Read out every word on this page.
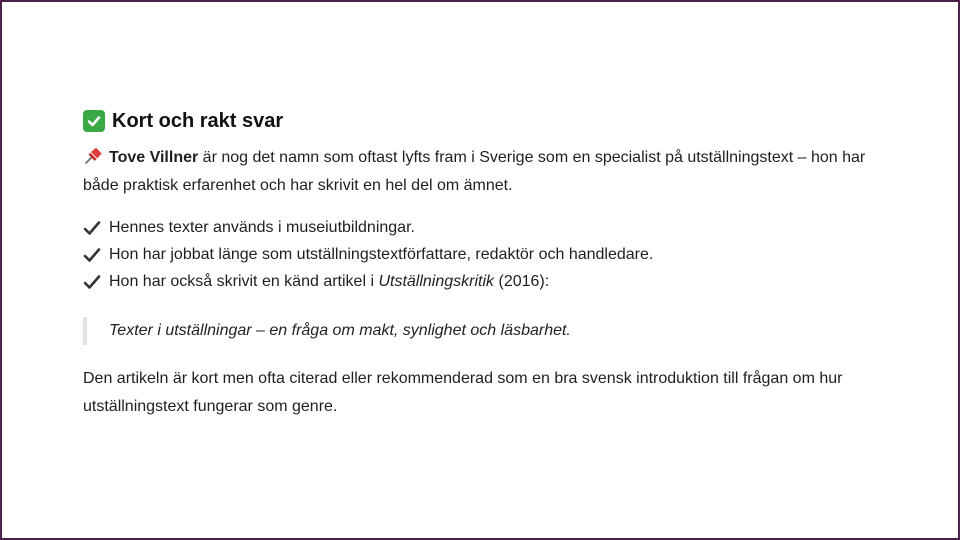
Kort och rakt svar

Tove Villner är nog det namn som oftast lyfts fram i Sverige som en specialist på utställningstext – hon har både praktisk erfarenhet och har skrivit en hel del om ämnet.

Hennes texter används i museiutbildningar.
Hon har jobbat länge som utställningstextförfattare, redaktör och handledare.
Hon har också skrivit en känd artikel i Utställningskritik (2016):
Texter i utställningar – en fråga om makt, synlighet och läsbarhet.

Den artikeln är kort men ofta citerad eller rekommenderad som en bra svensk introduktion till frågan om hur utställningstext fungerar som genre.
